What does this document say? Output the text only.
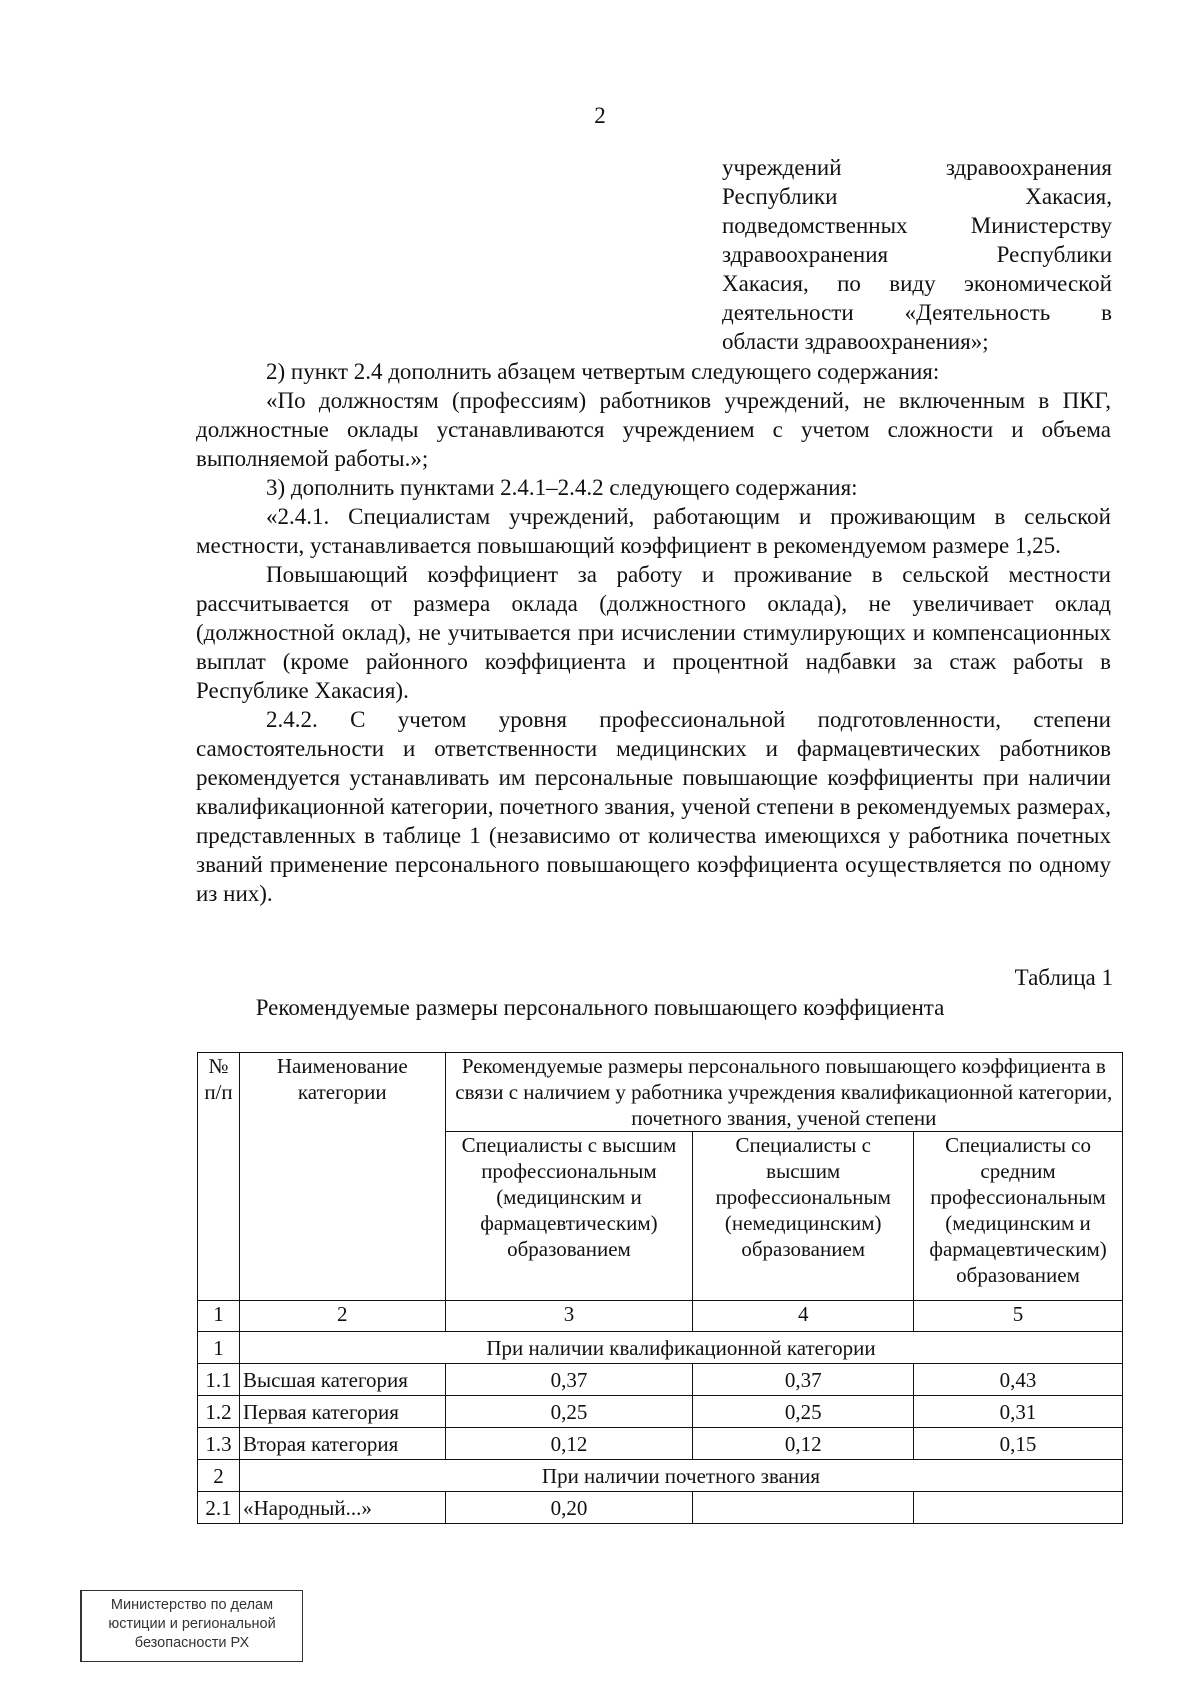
2
учреждений здравоохранения
Республики Хакасия,
подведомственных Министерству
здравоохранения Республики
Хакасия, по виду экономической
деятельности «Деятельность в
области здравоохранения»;

2) пункт 2.4 дополнить абзацем четвертым следующего содержания:

«По должностям (профессиям) работников учреждений, не включенным в ПКГ, должностные оклады устанавливаются учреждением с учетом сложности и объема выполняемой работы.»;

3) дополнить пунктами 2.4.1–2.4.2 следующего содержания:

«2.4.1. Специалистам учреждений, работающим и проживающим в сельской местности, устанавливается повышающий коэффициент в рекомендуемом размере 1,25.

Повышающий коэффициент за работу и проживание в сельской местности рассчитывается от размера оклада (должностного оклада), не увеличивает оклад (должностной оклад), не учитывается при исчислении стимулирующих и компенсационных выплат (кроме районного коэффициента и процентной надбавки за стаж работы в Республике Хакасия).

2.4.2. С учетом уровня профессиональной подготовленности, степени самостоятельности и ответственности медицинских и фармацевтических работников рекомендуется устанавливать им персональные повышающие коэффициенты при наличии квалификационной категории, почетного звания, ученой степени в рекомендуемых размерах, представленных в таблице 1 (независимо от количества имеющихся у работника почетных званий применение персонального повышающего коэффициента осуществляется по одному из них).

Таблица 1
Рекомендуемые размеры персонального повышающего коэффициента
№ п/п	Наименование категории	Рекомендуемые размеры персонального повышающего коэффициента в связи с наличием у работника учреждения квалификационной категории, почетного звания, ученой степени		
		Специалисты с высшим профессиональным (медицинским и фармацевтическим) образованием	Специалисты с высшим профессиональным (немедицинским) образованием	Специалисты со средним профессиональным (медицинским и фармацевтическим) образованием
1	2	3	4	5
1	При наличии квалификационной категории			
1.1	Высшая категория	0,37	0,37	0,43
1.2	Первая категория	0,25	0,25	0,31
1.3	Вторая категория	0,12	0,12	0,15
2	При наличии почетного звания			
2.1	«Народный...»	0,20		
Министерство по делам
юстиции и региональной
безопасности РХ
